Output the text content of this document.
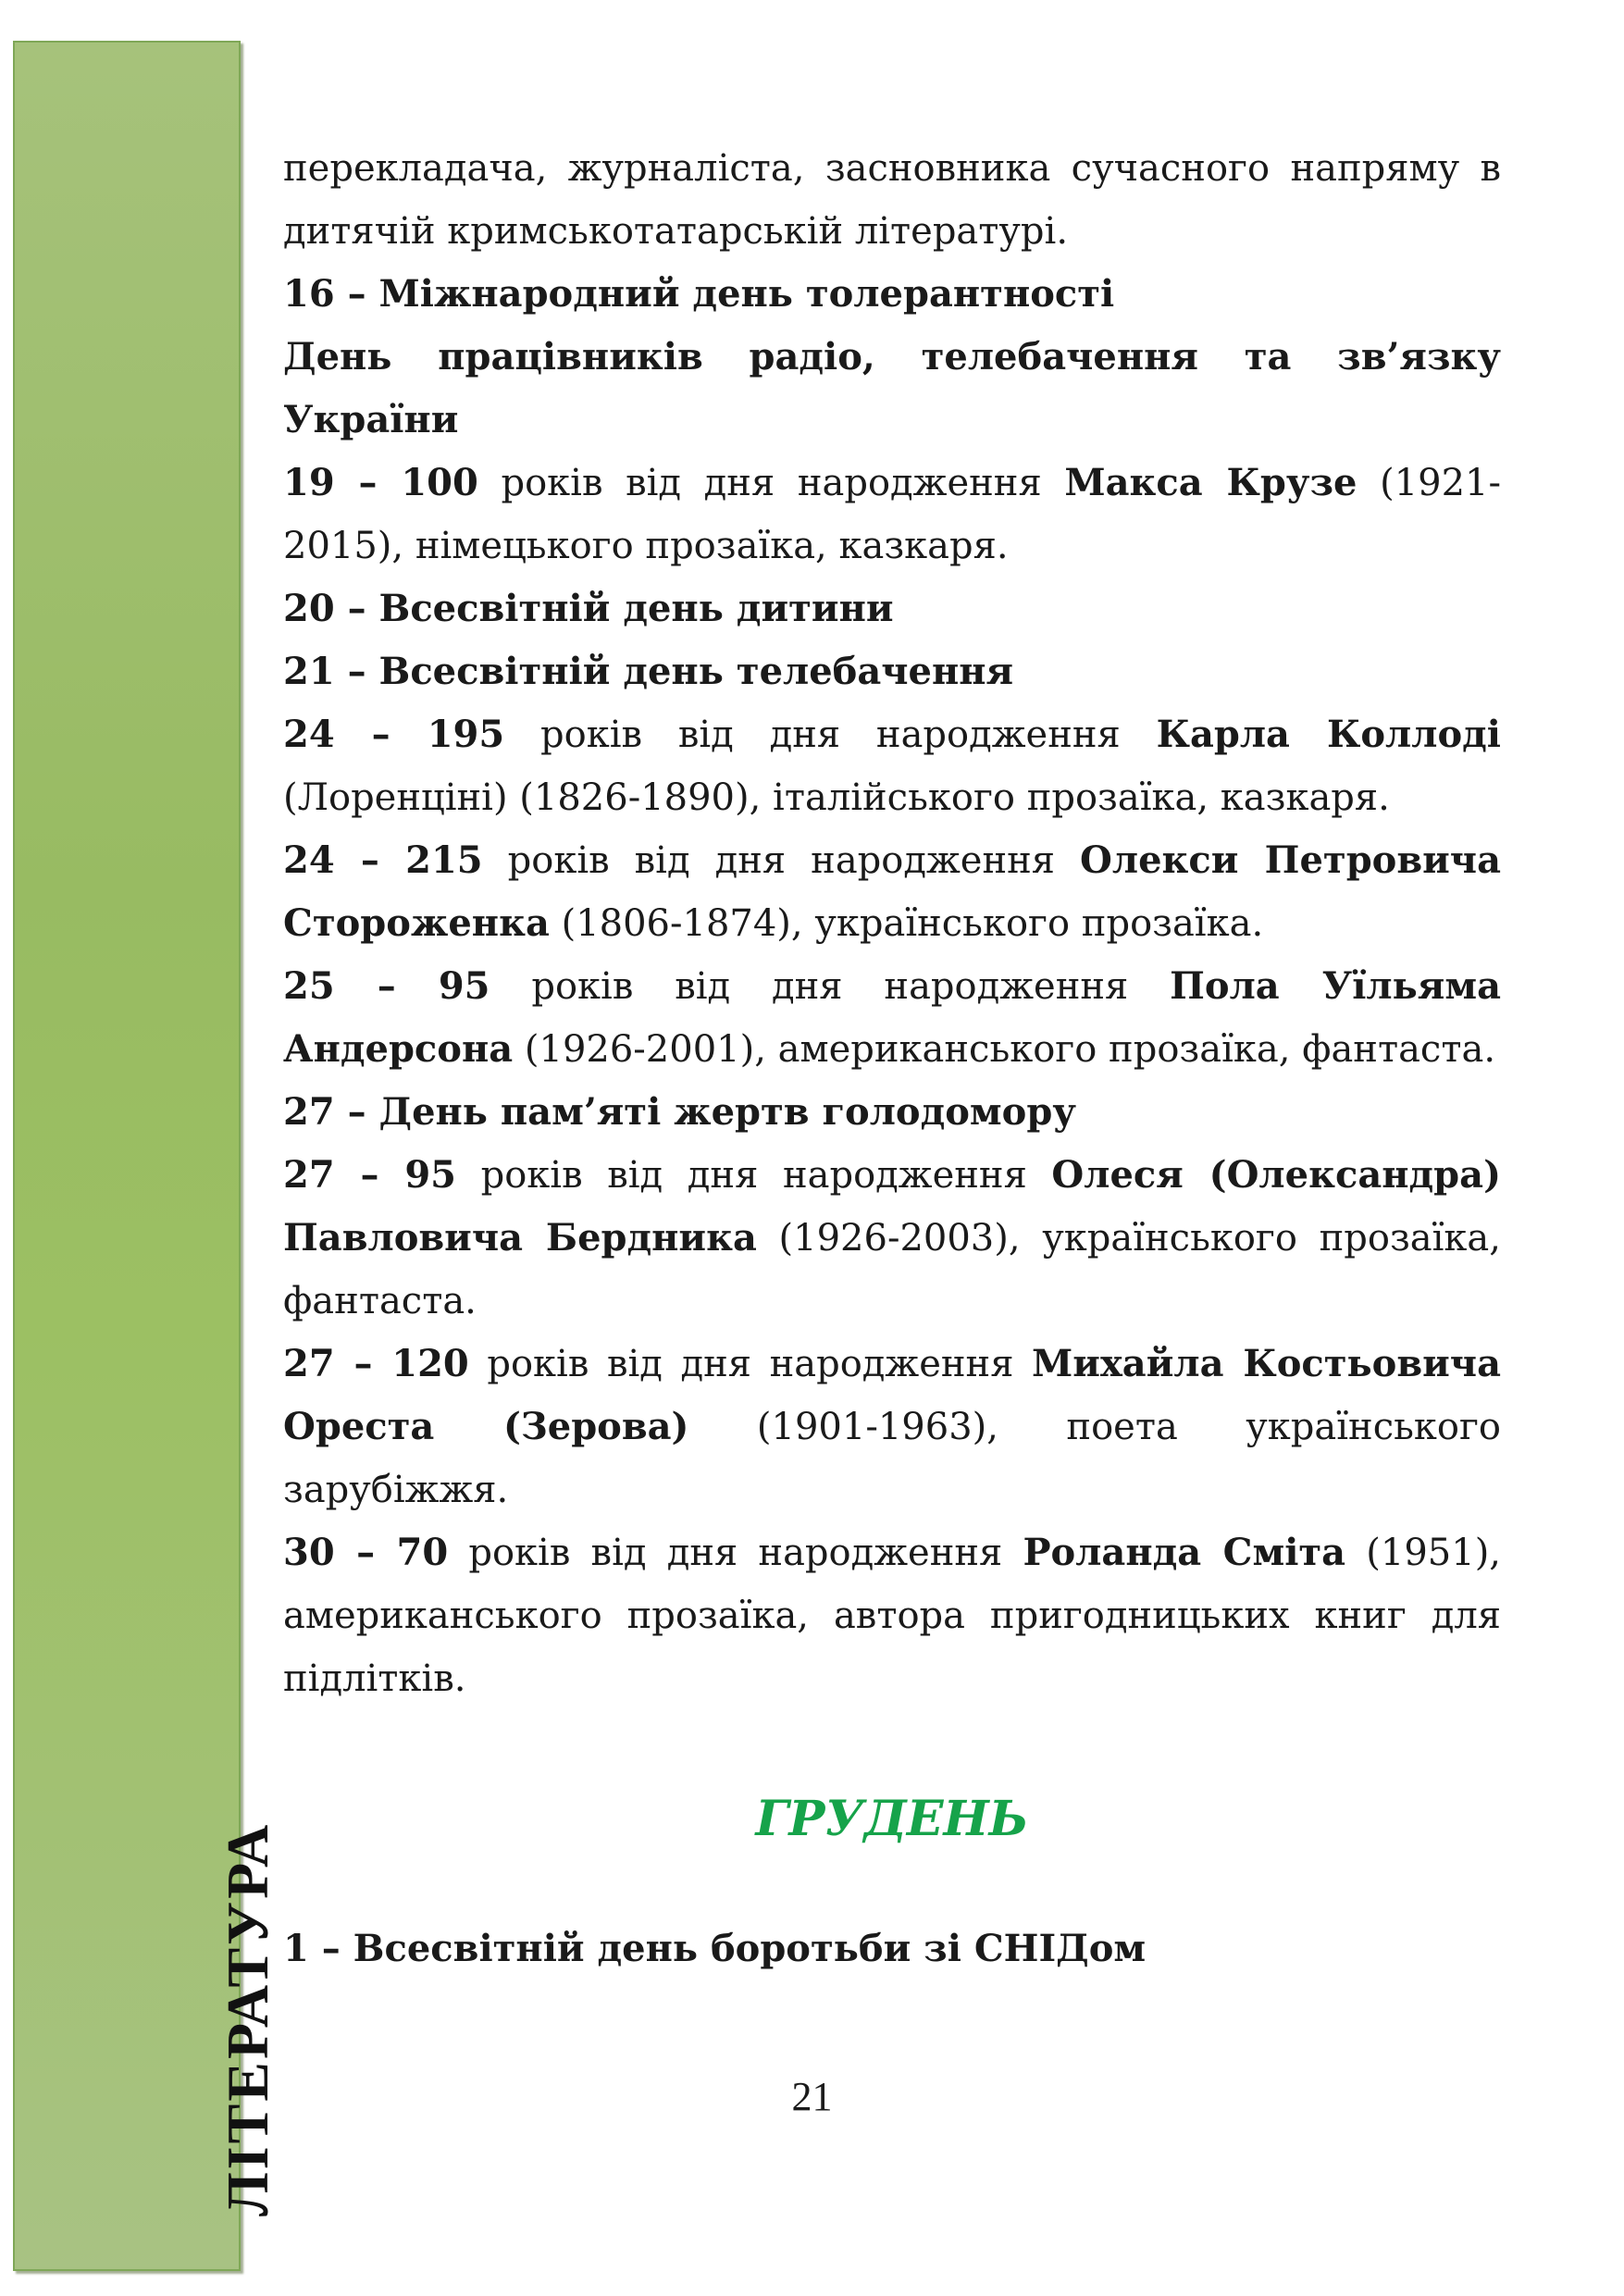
ЛІТЕРАТУРА

перекладача, журналіста, засновника сучасного напряму в дитячій кримськотатарській літературі.

16 – Міжнародний день толерантності

День працівників радіо, телебачення та зв’язку України

19 – 100 років від дня народження Макса Крузе (1921-2015), німецького прозаїка, казкаря.

20 – Всесвітній день дитини

21 – Всесвітній день телебачення

24 – 195 років від дня народження Карла Коллоді (Лоренціні) (1826-1890), італійського прозаїка, казкаря.

24 – 215 років від дня народження Олекси Петровича Стороженка (1806-1874), українського прозаїка.

25 – 95 років від дня народження Пола Уїльяма Андерсона (1926-2001), американського прозаїка, фантаста.

27 – День пам’яті жертв голодомору

27 – 95 років від дня народження Олеся (Олександра) Павловича Бердника (1926-2003), українського прозаїка, фантаста.

27 – 120 років від дня народження Михайла Костьовича Ореста (Зерова) (1901-1963), поета українського зарубіжжя.

30 – 70 років від дня народження Роланда Сміта (1951), американського прозаїка, автора пригодницьких книг для підлітків.

ГРУДЕНЬ

1 – Всесвітній день боротьби зі СНІДом

21
